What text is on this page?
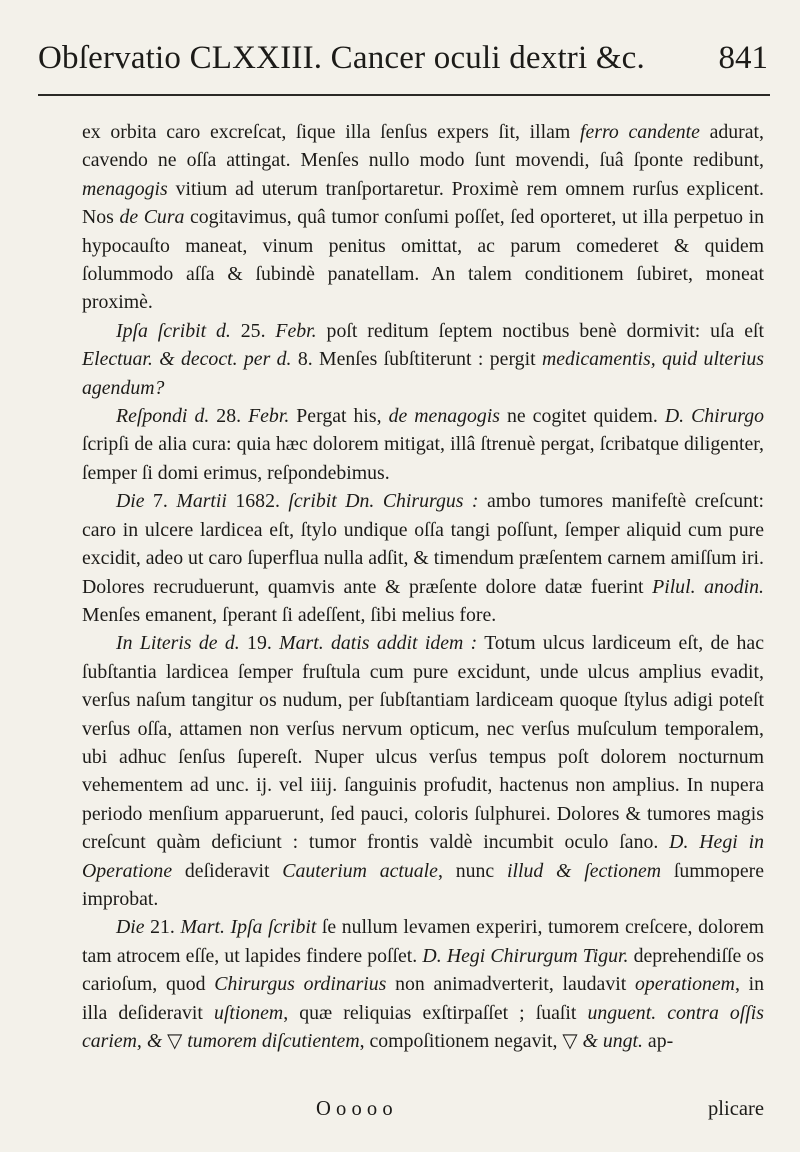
Obſervatio CLXXIII. Cancer oculi dextri &c. 841

ex orbita caro excreſcat, ſique illa ſenſus expers ſit, illam ferro candente adurat, cavendo ne oſſa attingat. Menſes nullo modo ſunt movendi, ſuâ ſponte redibunt, menagogis vitium ad uterum tranſportaretur. Proximè rem omnem rurſus explicent. Nos de Cura cogitavimus, quâ tumor conſumi poſſet, ſed oporteret, ut illa perpetuo in hypocauſto maneat, vinum penitus omittat, ac parum comederet & quidem ſolummodo aſſa & ſubindè panatellam. An talem conditionem ſubiret, moneat proximè.

Ipſa ſcribit d. 25. Febr. poſt reditum ſeptem noctibus benè dormivit: uſa eſt Electuar. & decoct. per d. 8. Menſes ſubſtiterunt : pergit medicamentis, quid ulterius agendum?

Reſpondi d. 28. Febr. Pergat his, de menagogis ne cogitet quidem. D. Chirurgo ſcripſi de alia cura: quia hæc dolorem mitigat, illâ ſtrenuè pergat, ſcribatque diligenter, ſemper ſi domi erimus, reſpondebimus.

Die 7. Martii 1682. ſcribit Dn. Chirurgus : ambo tumores manifeſtè creſcunt: caro in ulcere lardicea eſt, ſtylo undique oſſa tangi poſſunt, ſemper aliquid cum pure excidit, adeo ut caro ſuperflua nulla adſit, & timendum præſentem carnem amiſſum iri. Dolores recruduerunt, quamvis ante & præſente dolore datæ fuerint Pilul. anodin. Menſes emanent, ſperant ſi adeſſent, ſibi melius fore.

In Literis de d. 19. Mart. datis addit idem : Totum ulcus lardiceum eſt, de hac ſubſtantia lardicea ſemper fruſtula cum pure excidunt, unde ulcus amplius evadit, verſus naſum tangitur os nudum, per ſubſtantiam lardiceam quoque ſtylus adigi poteſt verſus oſſa, attamen non verſus nervum opticum, nec verſus muſculum temporalem, ubi adhuc ſenſus ſupereſt. Nuper ulcus verſus tempus poſt dolorem nocturnum vehementem ad unc. ij. vel iiij. ſanguinis profudit, hactenus non amplius. In nupera periodo menſium apparuerunt, ſed pauci, coloris ſulphurei. Dolores & tumores magis creſcunt quàm deficiunt : tumor frontis valdè incumbit oculo ſano. D. Hegi in Operatione deſideravit Cauterium actuale, nunc illud & ſectionem ſummopere improbat.

Die 21. Mart. Ipſa ſcribit ſe nullum levamen experiri, tumorem creſcere, dolorem tam atrocem eſſe, ut lapides findere poſſet. D. Hegi Chirurgum Tigur. deprehendiſſe os carioſum, quod Chirurgus ordinarius non animadverterit, laudavit operationem, in illa deſideravit uſtionem, quæ reliquias exſtirpaſſet ; ſuaſit unguent. contra oſſis cariem, & ▽ tumorem diſcutientem, compoſitionem negavit, ▽ & ungt. ap-

O o o o o	plicare
